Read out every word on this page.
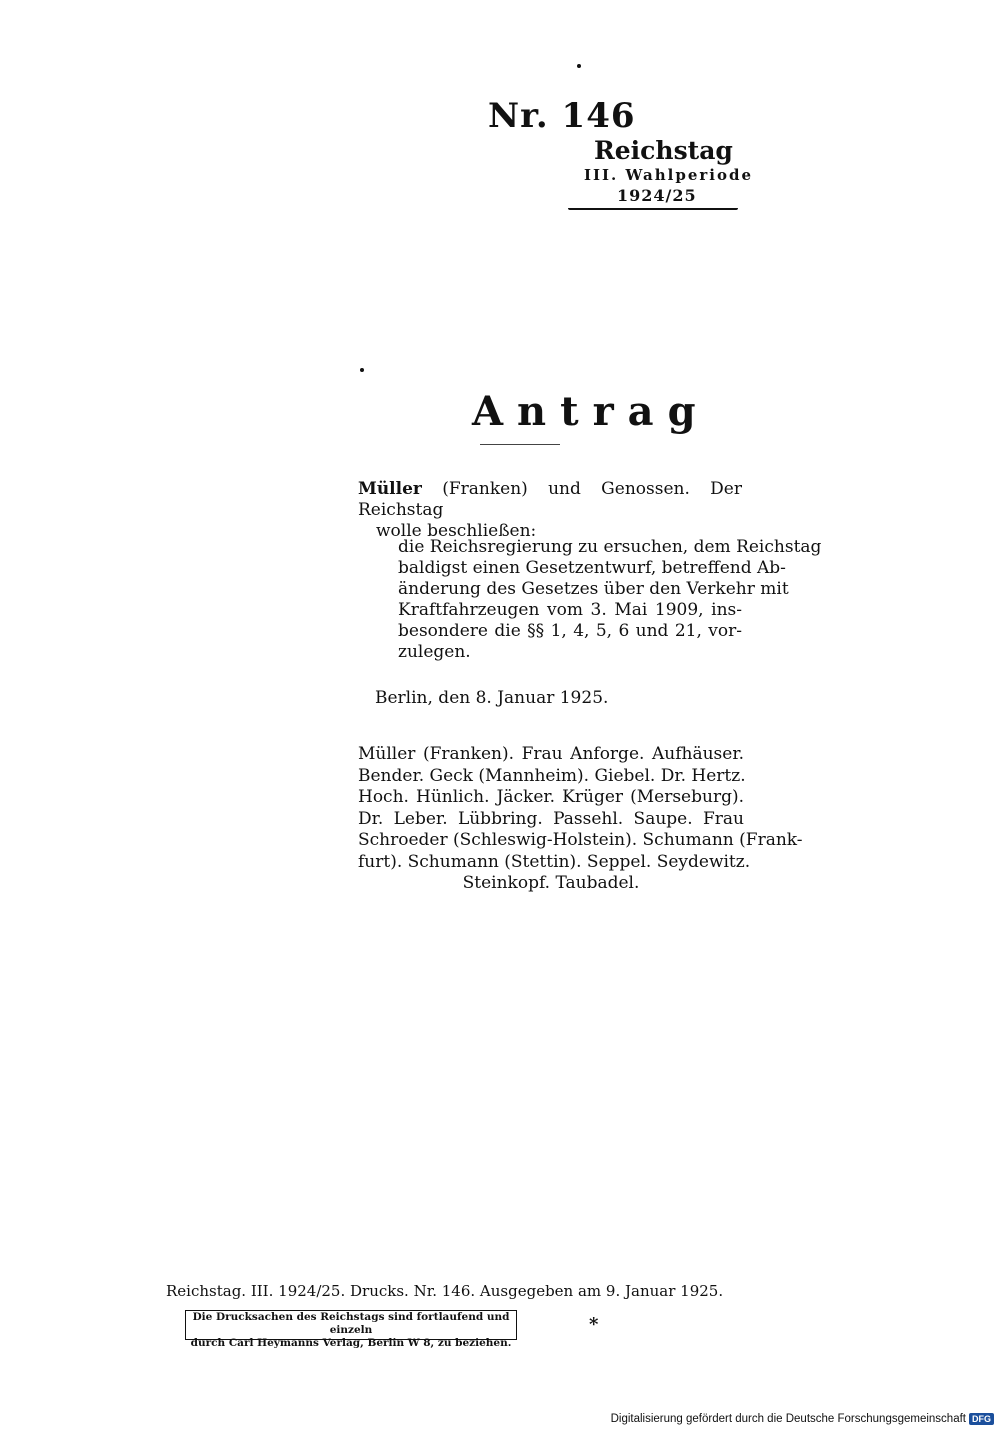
Nr. 146
Reichstag
III. Wahlperiode
1924/25
Antrag
Müller (Franken) und Genossen. Der Reichstag
wolle beschließen:
die Reichsregierung zu ersuchen, dem Reichstag
baldigst einen Gesetzentwurf, betreffend Ab-
änderung des Gesetzes über den Verkehr mit
Kraftfahrzeugen vom 3. Mai 1909, ins-
besondere die §§ 1, 4, 5, 6 und 21, vor-
zulegen.
Berlin, den 8. Januar 1925.
Müller (Franken). Frau Anforge. Aufhäuser.
Bender. Geck (Mannheim). Giebel. Dr. Hertz.
Hoch. Hünlich. Jäcker. Krüger (Merseburg).
Dr. Leber. Lübbring. Passehl. Saupe. Frau
Schroeder (Schleswig-Holstein). Schumann (Frank-
furt). Schumann (Stettin). Seppel. Seydewitz.
Steinkopf. Taubadel.
Reichstag. III. 1924/25. Drucks. Nr. 146. Ausgegeben am 9. Januar 1925.
Die Drucksachen des Reichstags sind fortlaufend und einzeln
durch Carl Heymanns Verlag, Berlin W 8, zu beziehen.
*
Digitalisierung gefördert durch die Deutsche Forschungsgemeinschaft DFG
